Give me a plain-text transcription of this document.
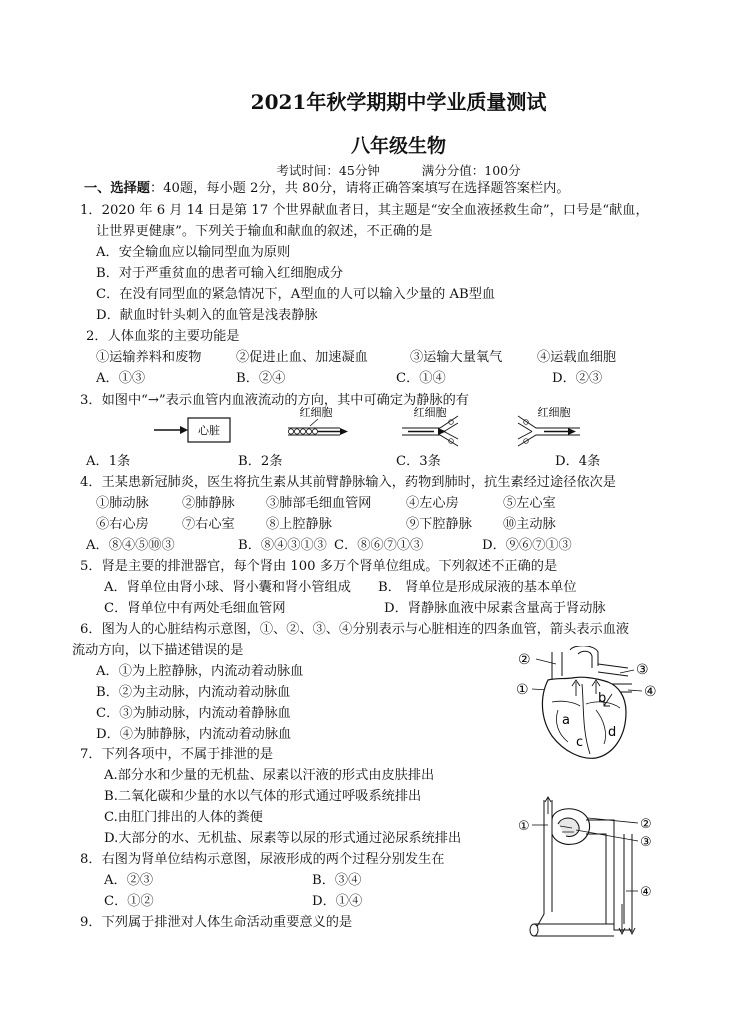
2021年秋学期期中学业质量测试
八年级生物
考试时间：45分钟	满分分值：100分
一、选择题：40题，每小题 2分，共 80分，请将正确答案填写在选择题答案栏内。
1．2020 年 6 月 14 日是第 17 个世界献血者日，其主题是“安全血液拯救生命”，口号是“献血，
让世界更健康”。下列关于输血和献血的叙述，不正确的是
A．安全输血应以输同型血为原则
B．对于严重贫血的患者可输入红细胞成分
C．在没有同型血的紧急情况下，A型血的人可以输入少量的 AB型血
D．献血时针头刺入的血管是浅表静脉
2．人体血浆的主要功能是
①运输养料和废物	②促进止血、加速凝血	③运输大量氧气	④运载血细胞
A．①③	B．②④	C．①④	D．②③
3．如图中“→”表示血管内血液流动的方向，其中可确定为静脉的有
心脏
红细胞	红细胞	红细胞
A．1条	B．2条	C．3条	D．4条
4．王某患新冠肺炎，医生将抗生素从其前臂静脉输入，药物到肺时，抗生素经过途径依次是
①肺动脉	②肺静脉 ③肺部毛细血管网	④左心房	⑤左心室
⑥右心房	⑦右心室 ⑧上腔静脉	⑨下腔静脉 ⑩主动脉
A．⑧④⑤⑩③	B．⑧④③①③ C．⑧⑥⑦①③	D．⑨⑥⑦①③
5．肾是主要的排泄器官，每个肾由 100 多万个肾单位组成。下列叙述不正确的是
A．肾单位由肾小球、肾小囊和肾小管组成 B． 肾单位是形成尿液的基本单位
C．肾单位中有两处毛细血管网	D．肾静脉血液中尿素含量高于肾动脉
6．图为人的心脏结构示意图，①、②、③、④分别表示与心脏相连的四条血管，箭头表示血液
流动方向，以下描述错误的是
A．①为上腔静脉，内流动着动脉血
B．②为主动脉，内流动着动脉血
C．③为肺动脉，内流动着静脉血
D．④为肺静脉，内流动着动脉血
②
①
③
④
a
b
c
d
7．下列各项中，不属于排泄的是
A.部分水和少量的无机盐、尿素以汗液的形式由皮肤排出
B.二氧化碳和少量的水以气体的形式通过呼吸系统排出
C.由肛门排出的人体的粪便
D.大部分的水、无机盐、尿素等以尿的形式通过泌尿系统排出
8．右图为肾单位结构示意图，尿液形成的两个过程分别发生在
A．②③	B．③④
C．①②	D．①④
①	②
③
④
9．下列属于排泄对人体生命活动重要意义的是
